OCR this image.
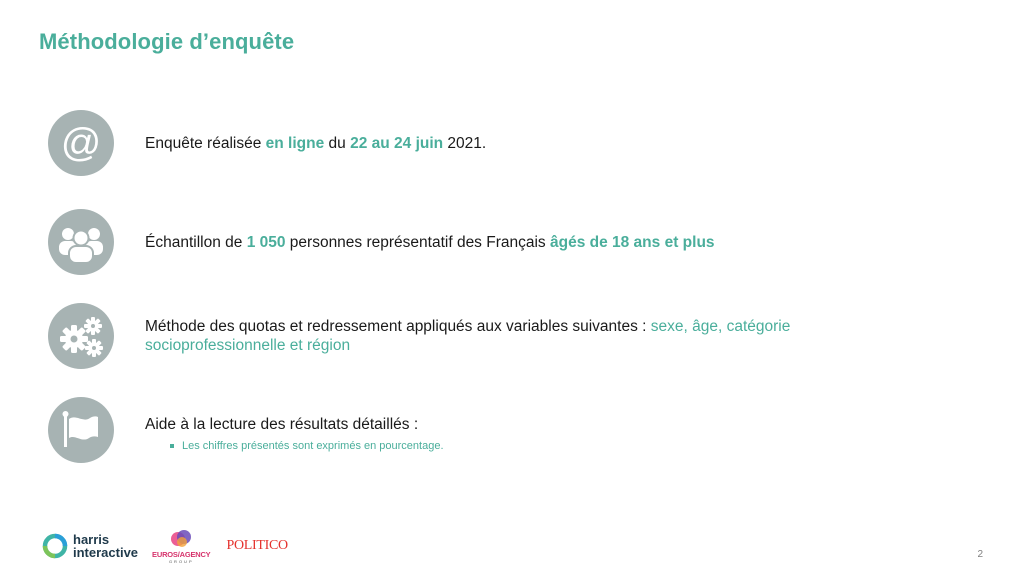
Méthodologie d’enquête
@	Enquête réalisée en ligne du 22 au 24 juin 2021.
Échantillon de 1 050 personnes représentatif des Français âgés de 18 ans et plus
Méthode des quotas et redressement appliqués aux variables suivantes : sexe, âge, catégorie socioprofessionnelle et région
Aide à la lecture des résultats détaillés :
Les chiffres présentés sont exprimés en pourcentage.
harris
interactive EUROS/AGENCY
GROUP
POLITICO
2
